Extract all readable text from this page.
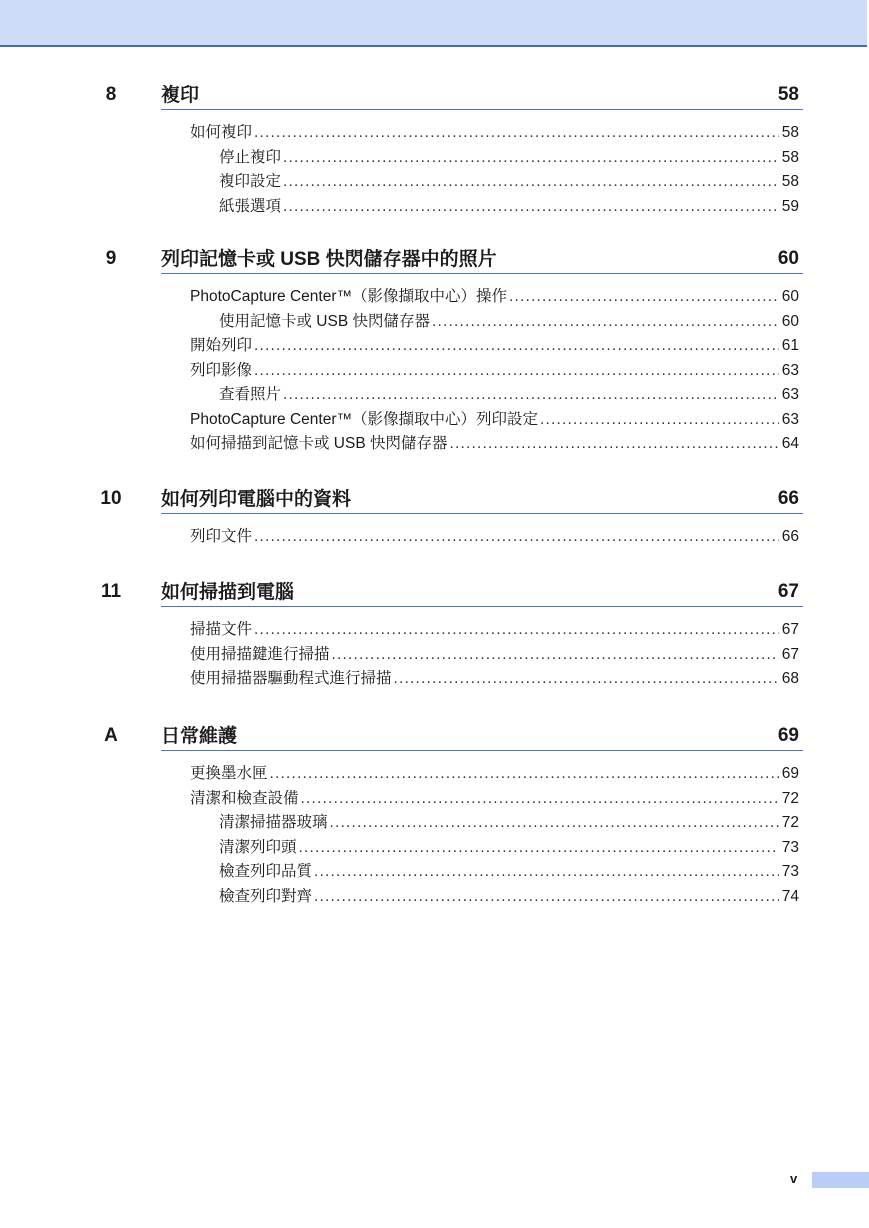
8	複印	58
如何複印 .....	58
停止複印 .....	58
複印設定 .....	58
紙張選項 .....	59
9	列印記憶卡或 USB 快閃儲存器中的照片	60
PhotoCapture Center™（影像擷取中心）操作 .....	60
使用記憶卡或 USB 快閃儲存器 .....	60
開始列印 .....	61
列印影像 .....	63
查看照片 .....	63
PhotoCapture Center™（影像擷取中心）列印設定 .....	63
如何掃描到記憶卡或 USB 快閃儲存器 .....	64
10	如何列印電腦中的資料	66
列印文件 .....	66
11	如何掃描到電腦	67
掃描文件 .....	67
使用掃描鍵進行掃描 .....	67
使用掃描器驅動程式進行掃描 .....	68
A	日常維護	69
更換墨水匣 .....	69
清潔和檢查設備 .....	72
清潔掃描器玻璃 .....	72
清潔列印頭 .....	73
檢查列印品質 .....	73
檢查列印對齊 .....	74
v
